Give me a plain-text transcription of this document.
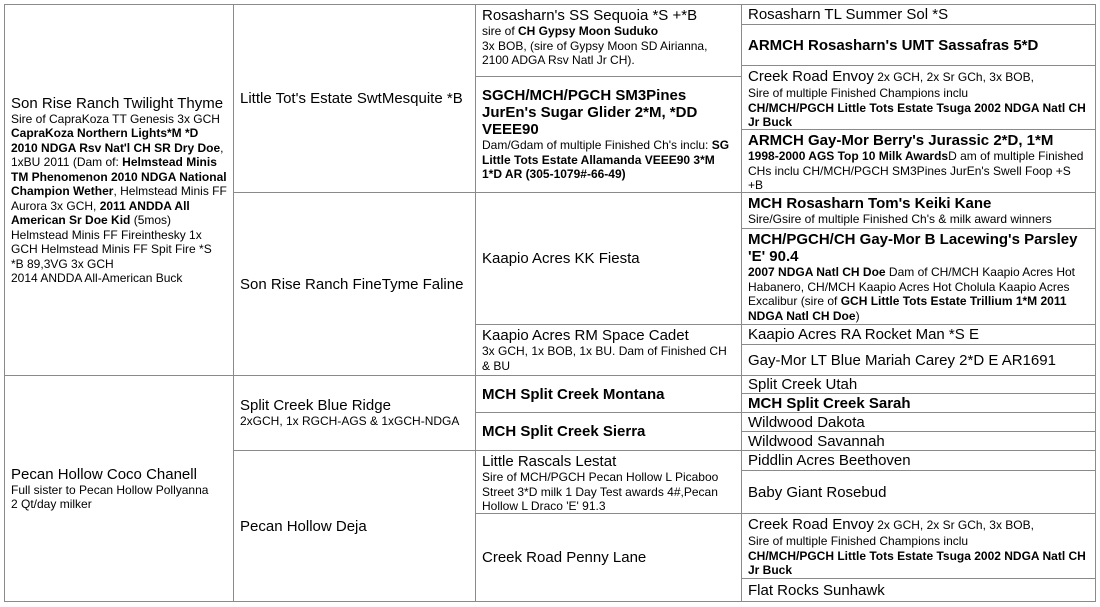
Son Rise Ranch Twilight Thyme
Sire of CapraKoza TT Genesis 3x GCH CapraKoza Northern Lights*M *D 2010 NDGA Rsv Nat'l CH SR Dry Doe, 1xBU 2011 (Dam of: Helmstead Minis TM Phenomenon 2010 NDGA National Champion Wether, Helmstead Minis FF Aurora 3x GCH, 2011 ANDDA All American Sr Doe Kid (5mos) Helmstead Minis FF Fireinthesky 1x GCH Helmstead Minis FF Spit Fire *S *B 89,3VG 3x GCH
2014 ANDDA All-American Buck
Pecan Hollow Coco Chanell
Full sister to Pecan Hollow Pollyanna
2 Qt/day milker
Little Tot's Estate SwtMesquite *B
Son Rise Ranch FineTyme Faline
Split Creek Blue Ridge
2xGCH, 1x RGCH-AGS & 1xGCH-NDGA
Pecan Hollow Deja
Rosasharn's SS Sequoia *S +*B
sire of CH Gypsy Moon Suduko
3x BOB, (sire of Gypsy Moon SD Airianna, 2100 ADGA Rsv Natl Jr CH).
SGCH/MCH/PGCH SM3Pines JurEn's Sugar Glider 2*M, *DD VEEE90
Dam/Gdam of multiple Finished Ch's inclu: SG Little Tots Estate Allamanda VEEE90 3*M 1*D AR (305-1079#-66-49)
Kaapio Acres KK Fiesta
Kaapio Acres RM Space Cadet
3x GCH, 1x BOB, 1x BU. Dam of Finished CH & BU
MCH Split Creek Montana
MCH Split Creek Sierra
Little Rascals Lestat
Sire of MCH/PGCH Pecan Hollow L Picaboo Street 3*D milk 1 Day Test awards 4#,Pecan Hollow L Draco 'E' 91.3
Creek Road Penny Lane
Rosasharn TL Summer Sol *S
ARMCH Rosasharn's UMT Sassafras 5*D
Creek Road Envoy 2x GCH, 2x Sr GCh, 3x BOB,
Sire of multiple Finished Champions inclu
CH/MCH/PGCH Little Tots Estate Tsuga 2002 NDGA Natl CH Jr Buck
ARMCH Gay-Mor Berry's Jurassic 2*D, 1*M
1998-2000 AGS Top 10 Milk AwardsD am of multiple Finished CHs inclu CH/MCH/PGCH SM3Pines JurEn's Swell Foop +S +B
MCH Rosasharn Tom's Keiki Kane
Sire/Gsire of multiple Finished Ch's & milk award winners
MCH/PGCH/CH Gay-Mor B Lacewing's Parsley 'E' 90.4
2007 NDGA Natl CH Doe Dam of CH/MCH Kaapio Acres Hot Habanero, CH/MCH Kaapio Acres Hot Cholula Kaapio Acres Excalibur (sire of GCH Little Tots Estate Trillium 1*M 2011 NDGA Natl CH Doe)
Kaapio Acres RA Rocket Man *S E
Gay-Mor LT Blue Mariah Carey 2*D E AR1691
Split Creek Utah
MCH Split Creek Sarah
Wildwood Dakota
Wildwood Savannah
Piddlin Acres Beethoven
Baby Giant Rosebud
Creek Road Envoy 2x GCH, 2x Sr GCh, 3x BOB,
Sire of multiple Finished Champions inclu
CH/MCH/PGCH Little Tots Estate Tsuga 2002 NDGA Natl CH Jr Buck
Flat Rocks Sunhawk
